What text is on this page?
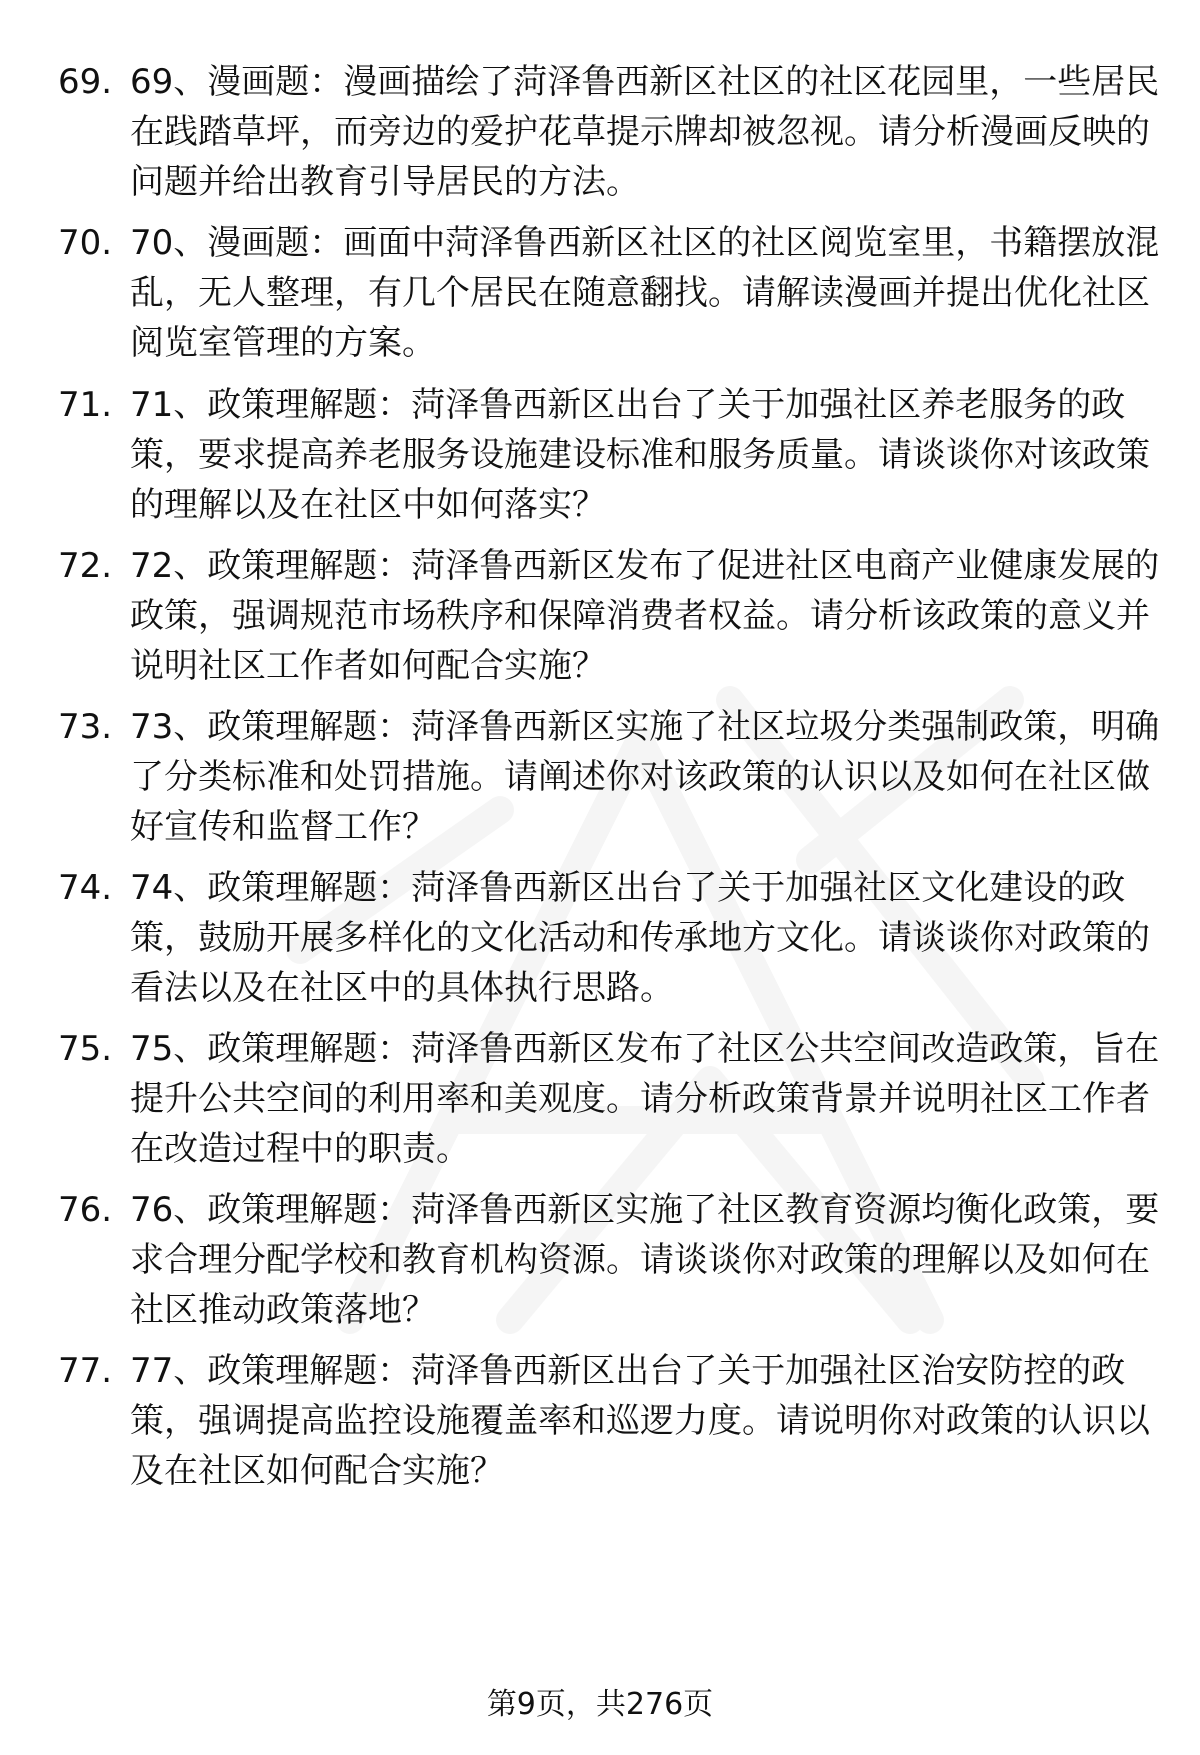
69. 69、漫画题：漫画描绘了菏泽鲁西新区社区的社区花园里，一些居民在践踏草坪，而旁边的爱护花草提示牌却被忽视。请分析漫画反映的问题并给出教育引导居民的方法。
70. 70、漫画题：画面中菏泽鲁西新区社区的社区阅览室里，书籍摆放混乱，无人整理，有几个居民在随意翻找。请解读漫画并提出优化社区阅览室管理的方案。
71. 71、政策理解题：菏泽鲁西新区出台了关于加强社区养老服务的政策，要求提高养老服务设施建设标准和服务质量。请谈谈你对该政策的理解以及在社区中如何落实？
72. 72、政策理解题：菏泽鲁西新区发布了促进社区电商产业健康发展的政策，强调规范市场秩序和保障消费者权益。请分析该政策的意义并说明社区工作者如何配合实施？
73. 73、政策理解题：菏泽鲁西新区实施了社区垃圾分类强制政策，明确了分类标准和处罚措施。请阐述你对该政策的认识以及如何在社区做好宣传和监督工作？
74. 74、政策理解题：菏泽鲁西新区出台了关于加强社区文化建设的政策，鼓励开展多样化的文化活动和传承地方文化。请谈谈你对政策的看法以及在社区中的具体执行思路。
75. 75、政策理解题：菏泽鲁西新区发布了社区公共空间改造政策，旨在提升公共空间的利用率和美观度。请分析政策背景并说明社区工作者在改造过程中的职责。
76. 76、政策理解题：菏泽鲁西新区实施了社区教育资源均衡化政策，要求合理分配学校和教育机构资源。请谈谈你对政策的理解以及如何在社区推动政策落地？
77. 77、政策理解题：菏泽鲁西新区出台了关于加强社区治安防控的政策，强调提高监控设施覆盖率和巡逻力度。请说明你对政策的认识以及在社区如何配合实施？
第9页，共276页
